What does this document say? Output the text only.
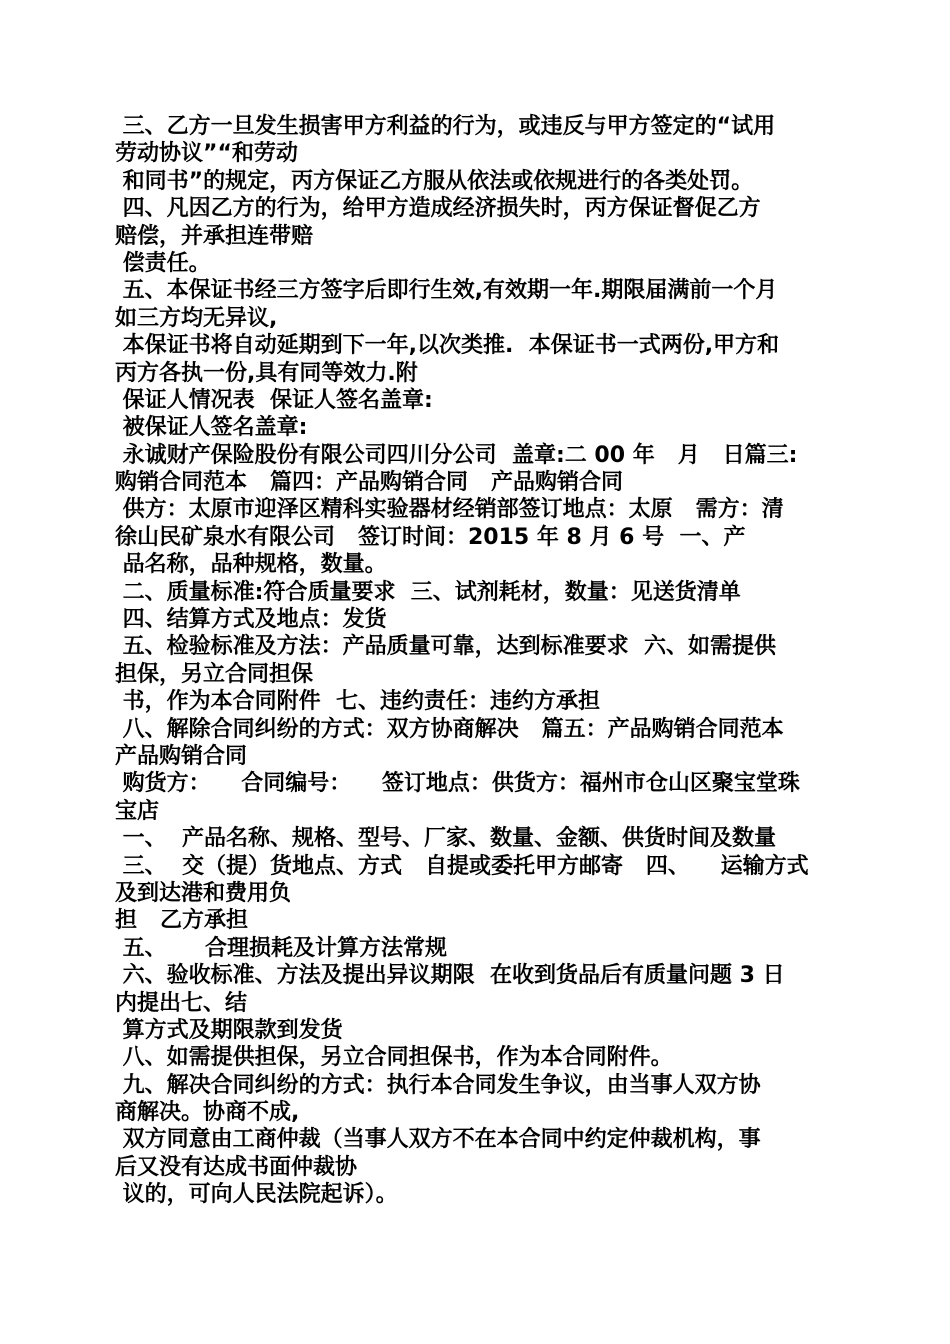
三、乙方一旦发生损害甲方利益的行为，或违反与甲方签定的“试用
劳动协议”“和劳动
和同书”的规定，丙方保证乙方服从依法或依规进行的各类处罚。
四、凡因乙方的行为，给甲方造成经济损失时，丙方保证督促乙方
赔偿，并承担连带赔
偿责任。
五、本保证书经三方签字后即行生效,有效期一年.期限届满前一个月
如三方均无异议,
本保证书将自动延期到下一年,以次类推.  本保证书一式两份,甲方和
丙方各执一份,具有同等效力.附
保证人情况表  保证人签名盖章:
被保证人签名盖章:
永诚财产保险股份有限公司四川分公司  盖章:二 00 年   月   日篇三:
购销合同范本   篇四：产品购销合同   产品购销合同
供方：太原市迎泽区精科实验器材经销部签订地点：太原   需方：清
徐山民矿泉水有限公司   签订时间：2015 年 8 月 6 号  一、产
品名称，品种规格，数量。
二、质量标准:符合质量要求  三、试剂耗材，数量：见送货清单
四、结算方式及地点：发货
五、检验标准及方法：产品质量可靠，达到标准要求  六、如需提供
担保，另立合同担保
书，作为本合同附件  七、违约责任：违约方承担
八、解除合同纠纷的方式：双方协商解决   篇五：产品购销合同范本
产品购销合同
购货方：    合同编号：    签订地点：供货方：福州市仓山区聚宝堂珠
宝店
一、  产品名称、规格、型号、厂家、数量、金额、供货时间及数量
三、  交（提）货地点、方式   自提或委托甲方邮寄   四、    运输方式
及到达港和费用负
担   乙方承担
五、     合理损耗及计算方法常规
六、验收标准、方法及提出异议期限  在收到货品后有质量问题 3 日
内提出七、结
算方式及期限款到发货
八、如需提供担保，另立合同担保书，作为本合同附件。
九、解决合同纠纷的方式：执行本合同发生争议，由当事人双方协
商解决。协商不成,
双方同意由工商仲裁（当事人双方不在本合同中约定仲裁机构，事
后又没有达成书面仲裁协
议的，可向人民法院起诉）。
